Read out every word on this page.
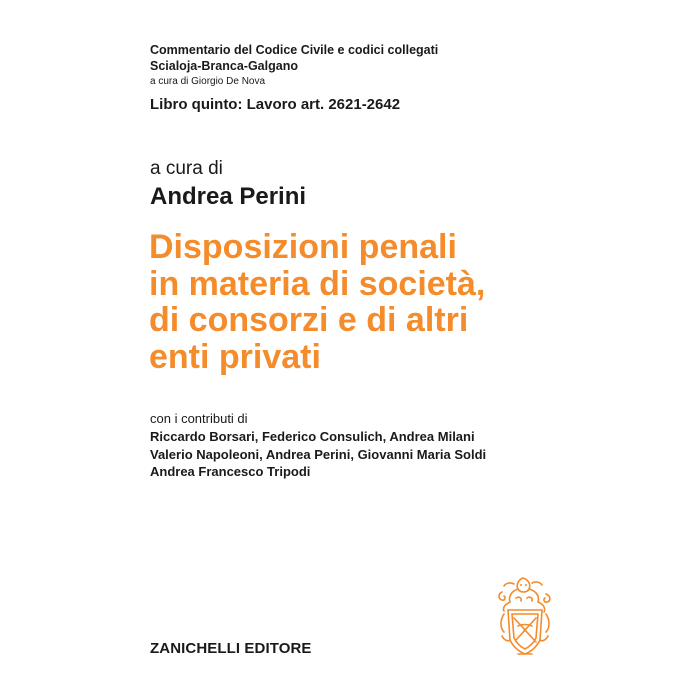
Commentario del Codice Civile e codici collegati
Scialoja-Branca-Galgano
a cura di Giorgio De Nova
Libro quinto: Lavoro art. 2621-2642
a cura di
Andrea Perini
Disposizioni penali
in materia di società,
di consorzi e di altri
enti privati
con i contributi di
Riccardo Borsari, Federico Consulich, Andrea Milani
Valerio Napoleoni, Andrea Perini, Giovanni Maria Soldi
Andrea Francesco Tripodi
ZANICHELLI EDITORE
